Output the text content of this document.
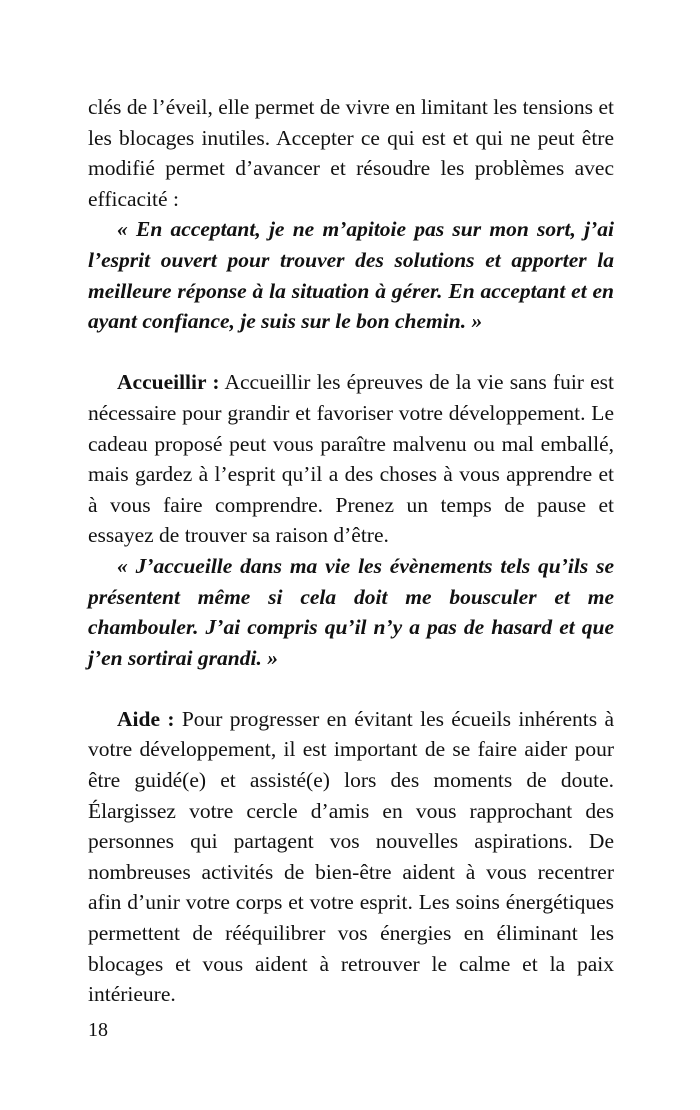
clés de l’éveil, elle permet de vivre en limitant les tensions et les blocages inutiles. Accepter ce qui est et qui ne peut être modifié permet d’avancer et résoudre les problèmes avec efficacité :

« En acceptant, je ne m’apitoie pas sur mon sort, j’ai l’esprit ouvert pour trouver des solutions et apporter la meilleure réponse à la situation à gérer. En acceptant et en ayant confiance, je suis sur le bon chemin. »

Accueillir : Accueillir les épreuves de la vie sans fuir est nécessaire pour grandir et favoriser votre développement. Le cadeau proposé peut vous paraître malvenu ou mal emballé, mais gardez à l’esprit qu’il a des choses à vous apprendre et à vous faire comprendre. Prenez un temps de pause et essayez de trouver sa raison d’être.

« J’accueille dans ma vie les évènements tels qu’ils se présentent même si cela doit me bousculer et me chambouler. J’ai compris qu’il n’y a pas de hasard et que j’en sortirai grandi. »

Aide : Pour progresser en évitant les écueils inhérents à votre développement, il est important de se faire aider pour être guidé(e) et assisté(e) lors des moments de doute. Élargissez votre cercle d’amis en vous rapprochant des personnes qui partagent vos nouvelles aspirations. De nombreuses activités de bien-être aident à vous recentrer afin d’unir votre corps et votre esprit. Les soins énergétiques permettent de rééquilibrer vos énergies en éliminant les blocages et vous aident à retrouver le calme et la paix intérieure.

18
